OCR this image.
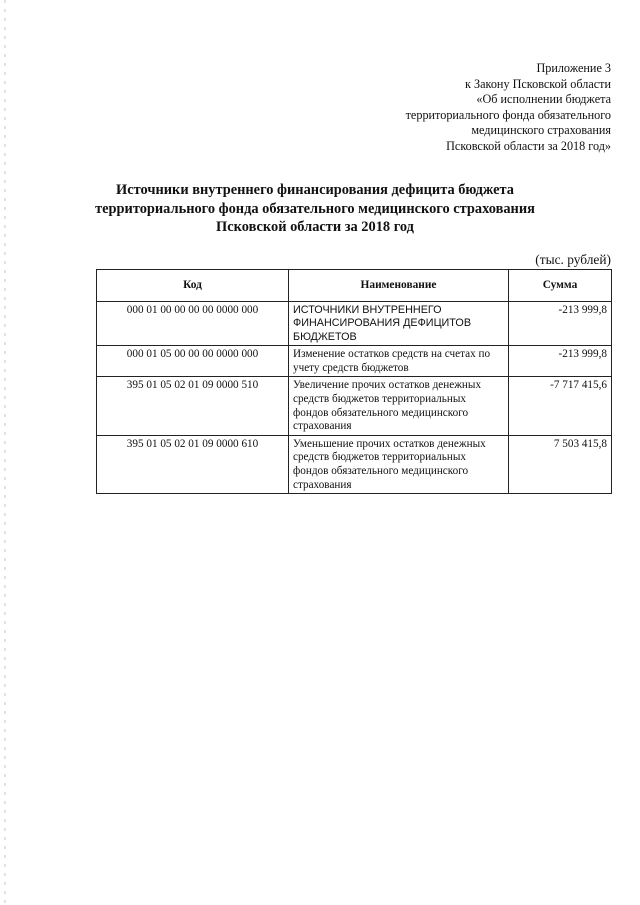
Приложение 3
к Закону Псковской области
«Об исполнении бюджета
территориального фонда обязательного
медицинского страхования
Псковской области за 2018 год»
Источники внутреннего финансирования дефицита бюджета
территориального фонда обязательного медицинского страхования
Псковской области за 2018 год
(тыс. рублей)
Код	Наименование	Сумма
000 01 00 00 00 00 0000 000	ИСТОЧНИКИ ВНУТРЕННЕГО ФИНАНСИРОВАНИЯ ДЕФИЦИТОВ БЮДЖЕТОВ	-213 999,8
000 01 05 00 00 00 0000 000	Изменение остатков средств на счетах по учету средств бюджетов	-213 999,8
395 01 05 02 01 09 0000 510	Увеличение прочих остатков денежных средств бюджетов территориальных фондов обязательного медицинского страхования	-7 717 415,6
395 01 05 02 01 09 0000 610	Уменьшение прочих остатков денежных средств бюджетов территориальных фондов обязательного медицинского страхования	7 503 415,8
